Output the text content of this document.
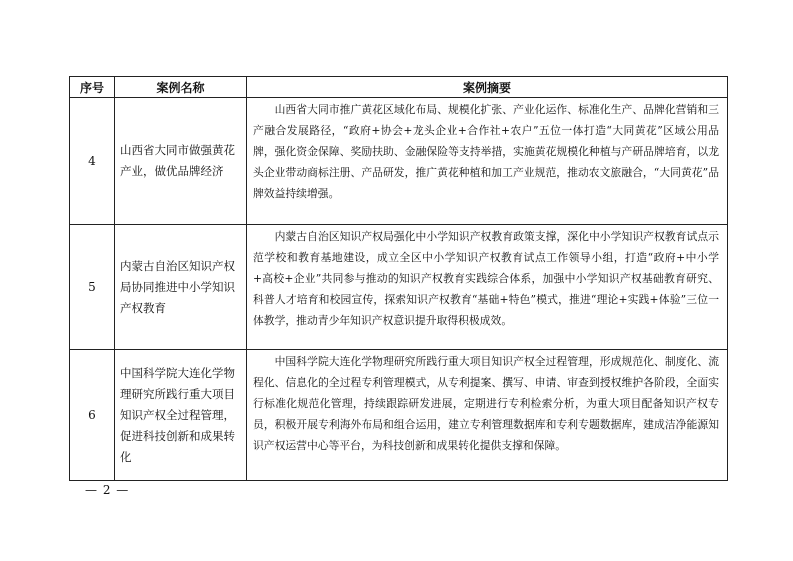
序号	案例名称	案例摘要
4	山西省大同市做强黄花产业，做优品牌经济	山西省大同市推广黄花区域化布局、规模化扩张、产业化运作、标准化生产、品牌化营销和三产融合发展路径，“政府+协会+龙头企业+合作社+农户”五位一体打造“大同黄花”区域公用品牌，强化资金保障、奖励扶助、金融保险等支持举措，实施黄花规模化种植与产研品牌培育，以龙头企业带动商标注册、产品研发，推广黄花种植和加工产业规范，推动农文旅融合，“大同黄花”品牌效益持续增强。

5	内蒙古自治区知识产权局协同推进中小学知识产权教育	内蒙古自治区知识产权局强化中小学知识产权教育政策支撑，深化中小学知识产权教育试点示范学校和教育基地建设，成立全区中小学知识产权教育试点工作领导小组，打造“政府+中小学+高校+企业”共同参与推动的知识产权教育实践综合体系，加强中小学知识产权基础教育研究、科普人才培育和校园宣传，探索知识产权教育“基础+特色”模式，推进“理论+实践+体验”三位一体教学，推动青少年知识产权意识提升取得积极成效。

6	中国科学院大连化学物理研究所践行重大项目知识产权全过程管理，促进科技创新和成果转化	中国科学院大连化学物理研究所践行重大项目知识产权全过程管理，形成规范化、制度化、流程化、信息化的全过程专利管理模式，从专利提案、撰写、申请、审查到授权维护各阶段，全面实行标准化规范化管理，持续跟踪研发进展，定期进行专利检索分析，为重大项目配备知识产权专员，积极开展专利海外布局和组合运用，建立专利管理数据库和专利专题数据库，建成洁净能源知识产权运营中心等平台，为科技创新和成果转化提供支撑和保障。

— 2 —
